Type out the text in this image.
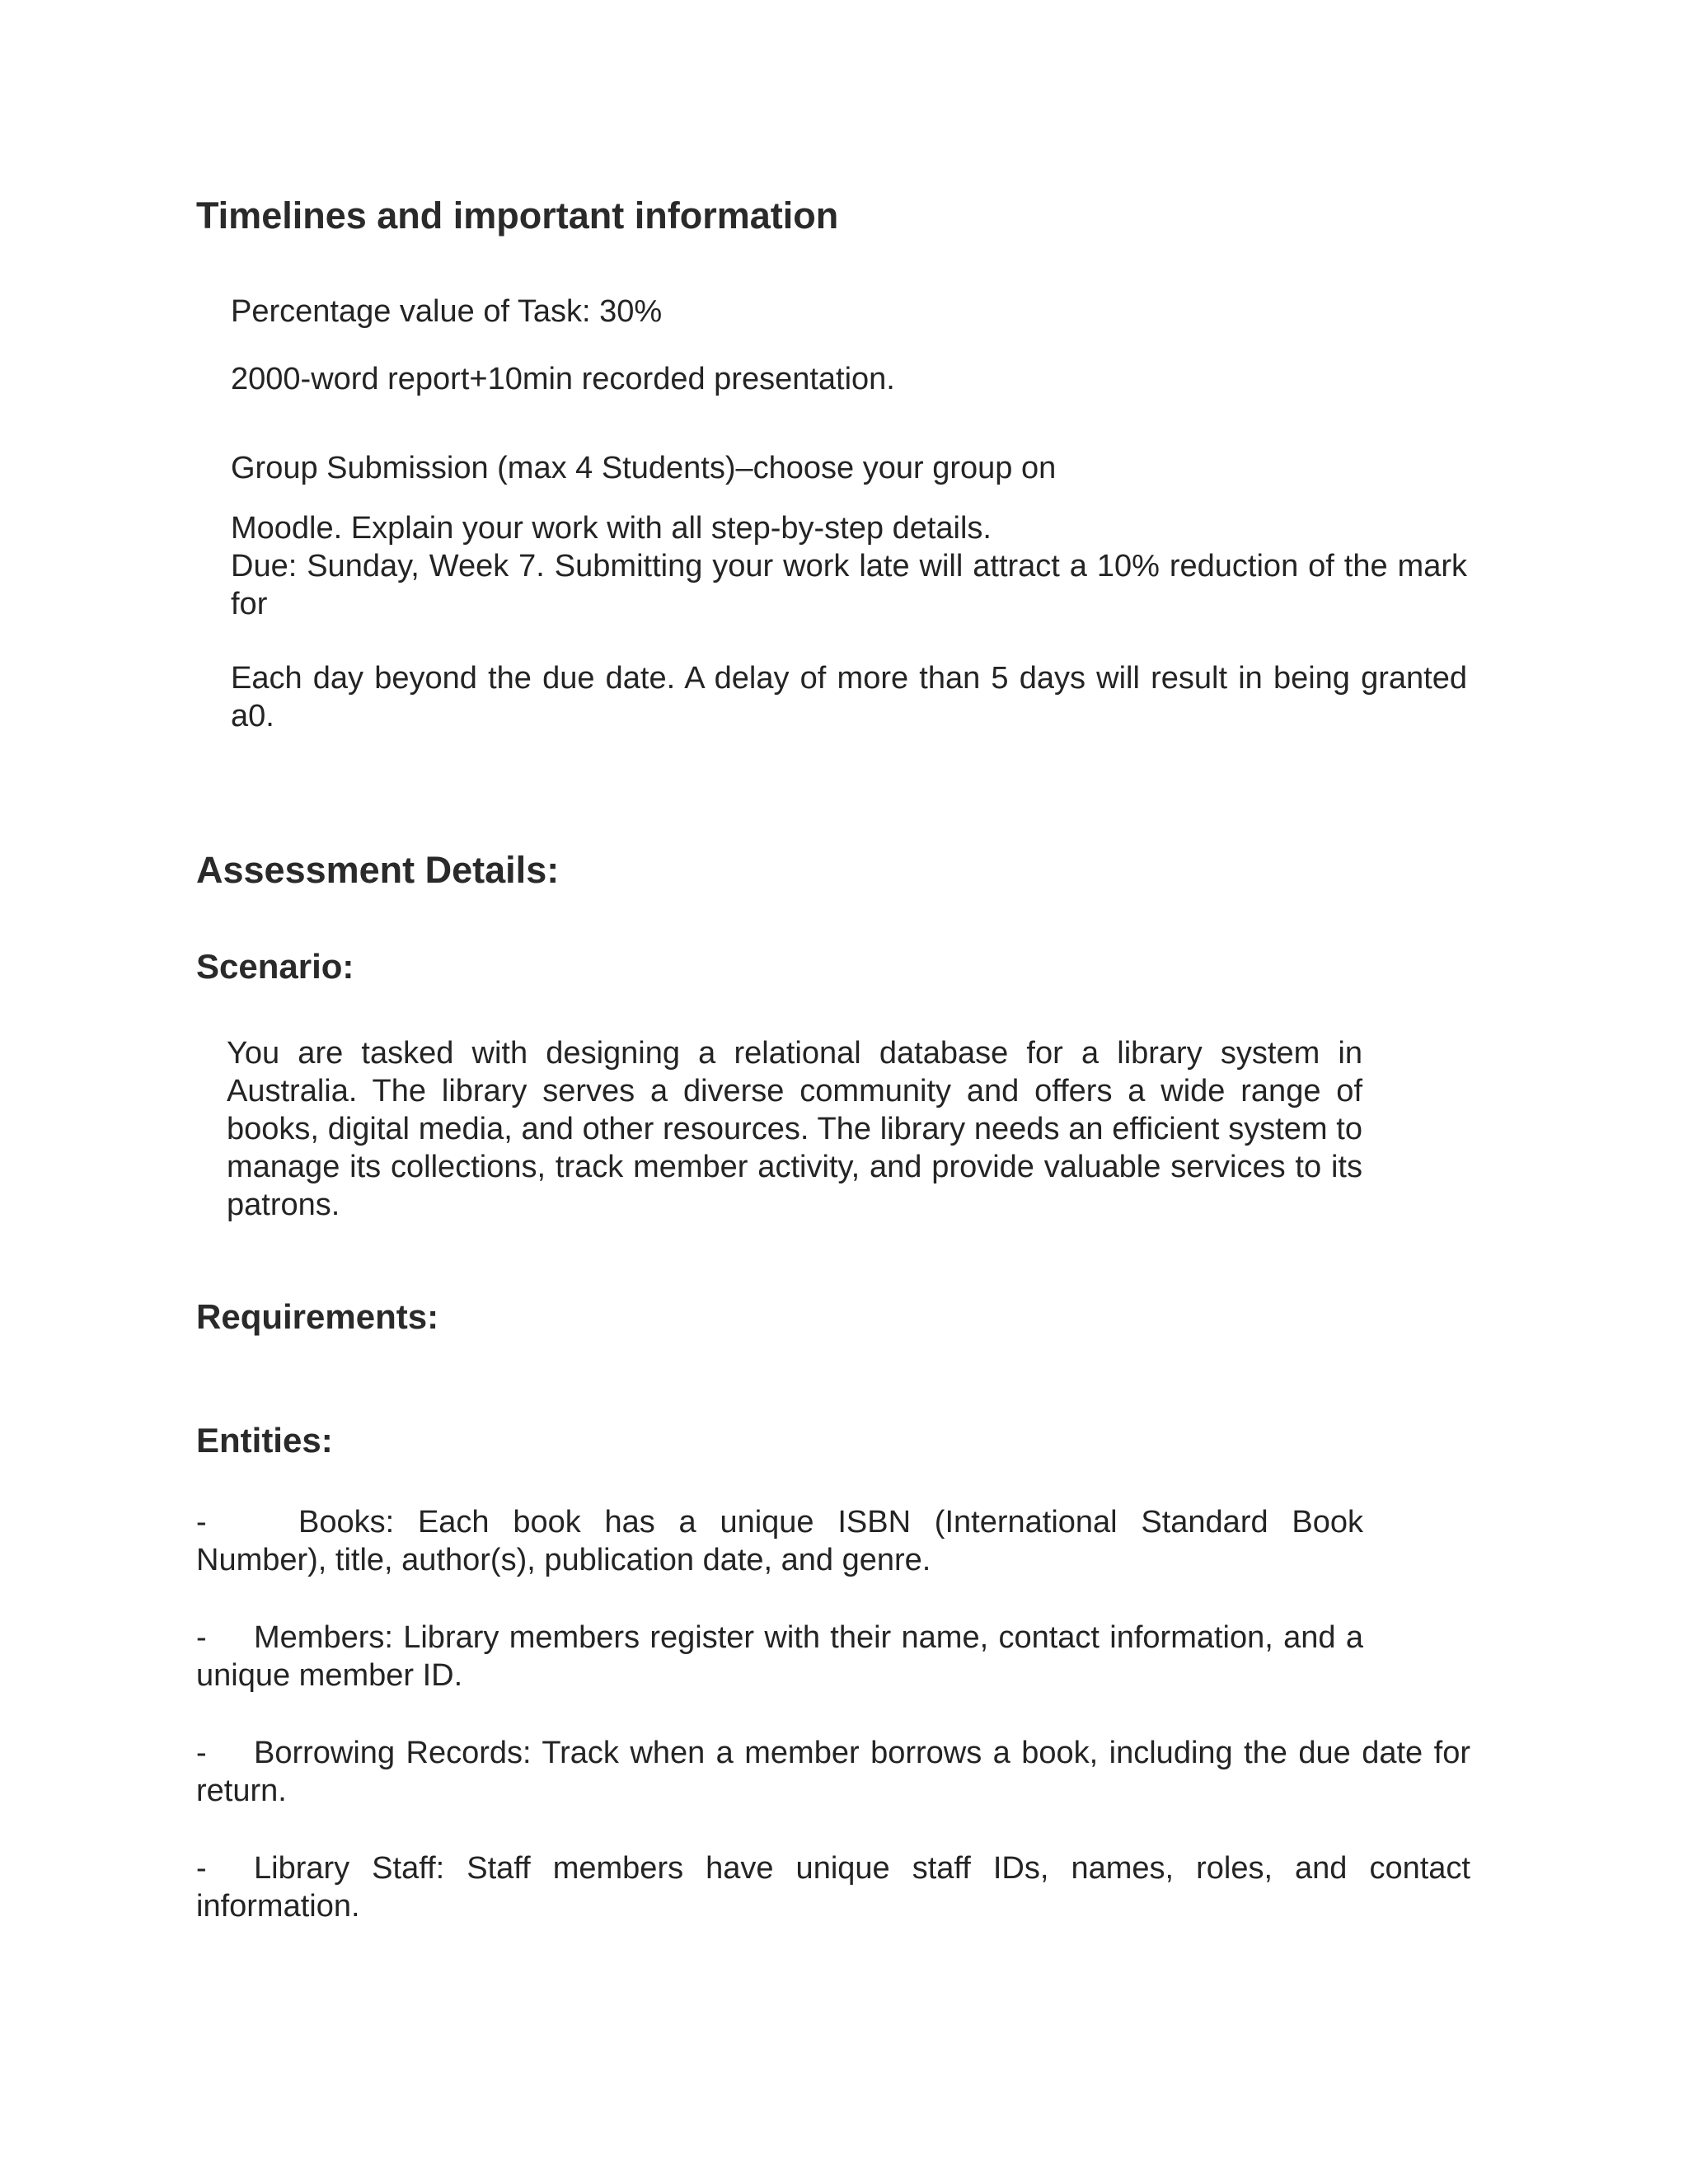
Timelines and important information

Percentage value of Task: 30%

2000-word report+10min recorded presentation.

Group Submission (max 4 Students)–choose your group on

Moodle. Explain your work with all step-by-step details.

Due: Sunday, Week 7. Submitting your work late will attract a 10% reduction of the mark for

Each day beyond the due date. A delay of more than 5 days will result in being granted a0.

Assessment Details:
Scenario:

You are tasked with designing a relational database for a library system in Australia. The library serves a diverse community and offers a wide range of books, digital media, and other resources. The library needs an efficient system to manage its collections, track member activity, and provide valuable services to its patrons.

Requirements:
Entities:

-	Books: Each book has a unique ISBN (International Standard Book Number), title, author(s), publication date, and genre.

- Members: Library members register with their name, contact information, and a unique member ID.

- Borrowing Records: Track when a member borrows a book, including the due date for return.

- Library Staff: Staff members have unique staff IDs, names, roles, and contact information.
